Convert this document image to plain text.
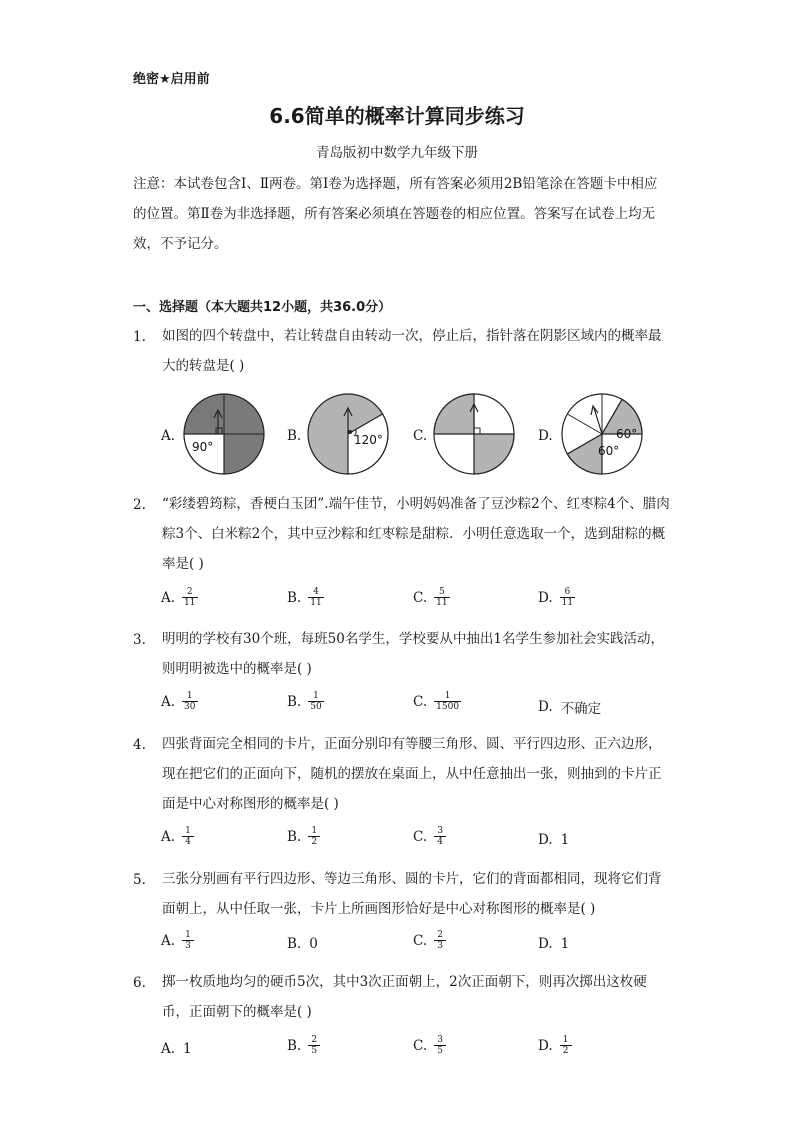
绝密★启用前
6.6简单的概率计算同步练习
青岛版初中数学九年级下册
注意：本试卷包含Ⅰ、Ⅱ两卷。第Ⅰ卷为选择题，所有答案必须用2B铅笔涂在答题卡中相应的位置。第Ⅱ卷为非选择题，所有答案必须填在答题卷的相应位置。答案写在试卷上均无效，不予记分。
一、选择题（本大题共12小题，共36.0分）
1. 如图的四个转盘中，若让转盘自由转动一次，停止后，指针落在阴影区域内的概率最大的转盘是( )
A.
90°
B.	120° C.	D.	60°
60°
2. “彩缕碧筠粽，香梗白玉团”.端午佳节，小明妈妈准备了豆沙粽2个、红枣粽4个、腊肉粽3个、白米粽2个，其中豆沙粽和红枣粽是甜粽．小明任意选取一个，选到甜粽的概率是( )
A. $\frac{2}{11}$	B. $\frac{4}{11}$	C. $\frac{5}{11}$	D. $\frac{6}{11}$
3. 明明的学校有30个班，每班50名学生，学校要从中抽出1名学生参加社会实践活动，则明明被选中的概率是( )
A. $\frac{1}{30}$	B. $\frac{1}{50}$	C. $\frac{1}{1500}$	D. 不确定
4. 四张背面完全相同的卡片，正面分别印有等腰三角形、圆、平行四边形、正六边形，现在把它们的正面向下，随机的摆放在桌面上，从中任意抽出一张，则抽到的卡片正面是中心对称图形的概率是( )
A. $\frac{1}{4}$	B. $\frac{1}{2}$	C. $\frac{3}{4}$	D. 1
5. 三张分别画有平行四边形、等边三角形、圆的卡片，它们的背面都相同，现将它们背面朝上，从中任取一张，卡片上所画图形恰好是中心对称图形的概率是( )
A. $\frac{1}{3}$	B. 0	C. $\frac{2}{3}$	D. 1
6. 掷一枚质地均匀的硬币5次，其中3次正面朝上，2次正面朝下，则再次掷出这枚硬币，正面朝下的概率是( )
A. 1	B. $\frac{2}{5}$	C. $\frac{3}{5}$	D. $\frac{1}{2}$
